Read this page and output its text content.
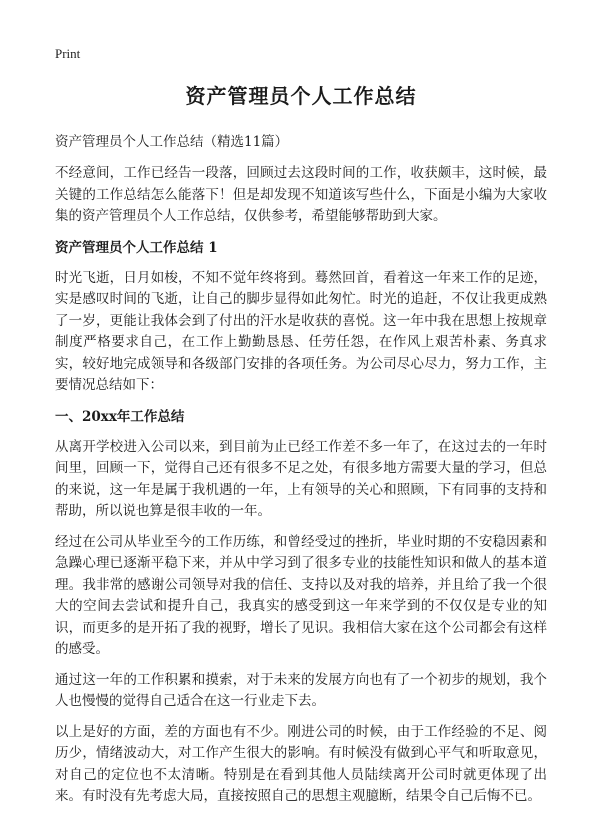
Print
资产管理员个人工作总结
资产管理员个人工作总结（精选11篇）

不经意间，工作已经告一段落，回顾过去这段时间的工作，收获颇丰，这时候，最关键的工作总结怎么能落下！但是却发现不知道该写些什么，下面是小编为大家收集的资产管理员个人工作总结，仅供参考，希望能够帮助到大家。

资产管理员个人工作总结 1

时光飞逝，日月如梭，不知不觉年终将到。蓦然回首，看着这一年来工作的足迹，实是感叹时间的飞逝，让自己的脚步显得如此匆忙。时光的追赶，不仅让我更成熟了一岁，更能让我体会到了付出的汗水是收获的喜悦。这一年中我在思想上按规章制度严格要求自己，在工作上勤勤恳恳、任劳任怨，在作风上艰苦朴素、务真求实，较好地完成领导和各级部门安排的各项任务。为公司尽心尽力，努力工作，主要情况总结如下：

一、20xx年工作总结

从离开学校进入公司以来，到目前为止已经工作差不多一年了，在这过去的一年时间里，回顾一下，觉得自己还有很多不足之处，有很多地方需要大量的学习，但总的来说，这一年是属于我机遇的一年，上有领导的关心和照顾，下有同事的支持和帮助，所以说也算是很丰收的一年。

经过在公司从毕业至今的工作历练，和曾经受过的挫折，毕业时期的不安稳因素和急躁心理已逐渐平稳下来，并从中学习到了很多专业的技能性知识和做人的基本道理。我非常的感谢公司领导对我的信任、支持以及对我的培养，并且给了我一个很大的空间去尝试和提升自己，我真实的感受到这一年来学到的不仅仅是专业的知识，而更多的是开拓了我的视野，增长了见识。我相信大家在这个公司都会有这样的感受。

通过这一年的工作积累和摸索，对于未来的发展方向也有了一个初步的规划，我个人也慢慢的觉得自己适合在这一行业走下去。

以上是好的方面，差的方面也有不少。刚进公司的时候，由于工作经验的不足、阅历少，情绪波动大，对工作产生很大的影响。有时候没有做到心平气和听取意见，对自己的定位也不太清晰。特别是在看到其他人员陆续离开公司时就更体现了出来。有时没有先考虑大局，直接按照自己的思想主观臆断，结果令自己后悔不已。
